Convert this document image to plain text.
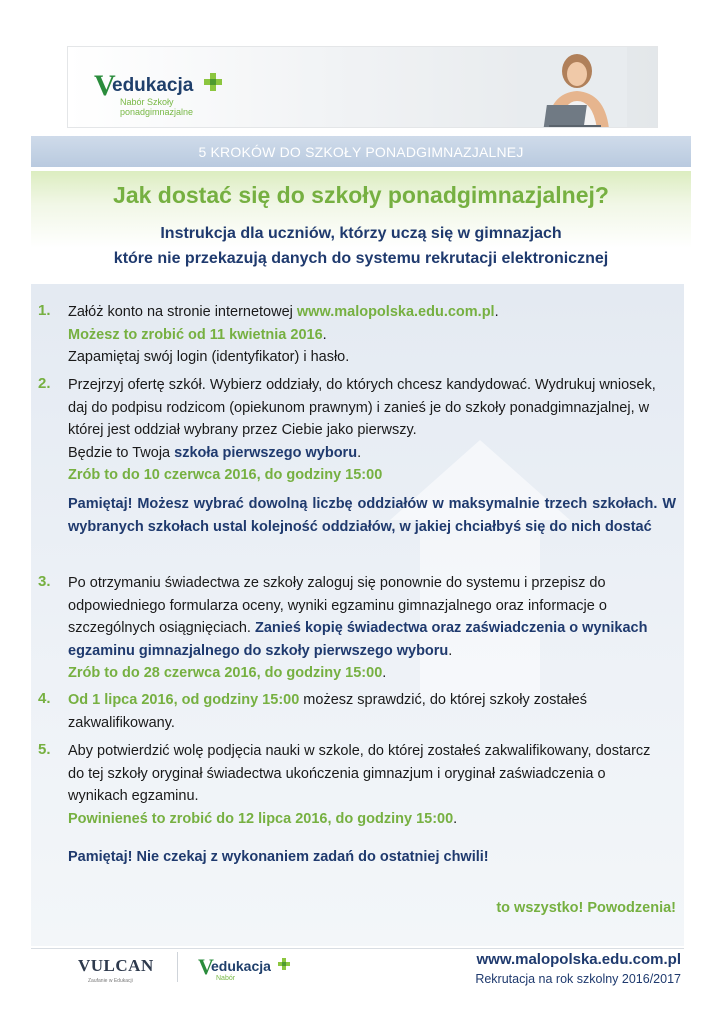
V
edukacja
Nabór Szkoły
ponadgimnazjalne
5 KROKÓW DO SZKOŁY PONADGIMNAZJALNEJ
Jak dostać się do szkoły ponadgimnazjalnej?
Instrukcja dla uczniów, którzy uczą się w gimnazjach
które nie przekazują danych do systemu rekrutacji elektronicznej
1. Załóż konto na stronie internetowej www.malopolska.edu.com.pl.
Możesz to zrobić od 11 kwietnia 2016.
Zapamiętaj swój login (identyfikator) i hasło.
2. Przejrzyj ofertę szkół. Wybierz oddziały, do których chcesz kandydować. Wydrukuj wniosek, daj do podpisu rodzicom (opiekunom prawnym) i zanieś je do szkoły ponadgimnazjalnej, w której jest oddział wybrany przez Ciebie jako pierwszy.
Będzie to Twoja szkoła pierwszego wyboru.
Zrób to do 10 czerwca 2016, do godziny 15:00
Pamiętaj! Możesz wybrać dowolną liczbę oddziałów w maksymalnie trzech szkołach. W wybranych szkołach ustal kolejność oddziałów, w jakiej chciałbyś się do nich dostać
3. Po otrzymaniu świadectwa ze szkoły zaloguj się ponownie do systemu i przepisz do odpowiedniego formularza oceny, wyniki egzaminu gimnazjalnego oraz informacje o szczególnych osiągnięciach. Zanieś kopię świadectwa oraz zaświadczenia o wynikach egzaminu gimnazjalnego do szkoły pierwszego wyboru.
Zrób to do 28 czerwca 2016, do godziny 15:00.
4. Od 1 lipca 2016, od godziny 15:00 możesz sprawdzić, do której szkoły zostałeś zakwalifikowany.
5. Aby potwierdzić wolę podjęcia nauki w szkole, do której zostałeś zakwalifikowany, dostarcz do tej szkoły oryginał świadectwa ukończenia gimnazjum i oryginał zaświadczenia o wynikach egzaminu.
Powinieneś to zrobić do 12 lipca 2016, do godziny 15:00.
Pamiętaj! Nie czekaj z wykonaniem zadań do ostatniej chwili!
to wszystko! Powodzenia!
VULCAN
Zaufanie w Edukacji
V
edukacja
Nabór
www.malopolska.edu.com.pl
Rekrutacja na rok szkolny 2016/2017
